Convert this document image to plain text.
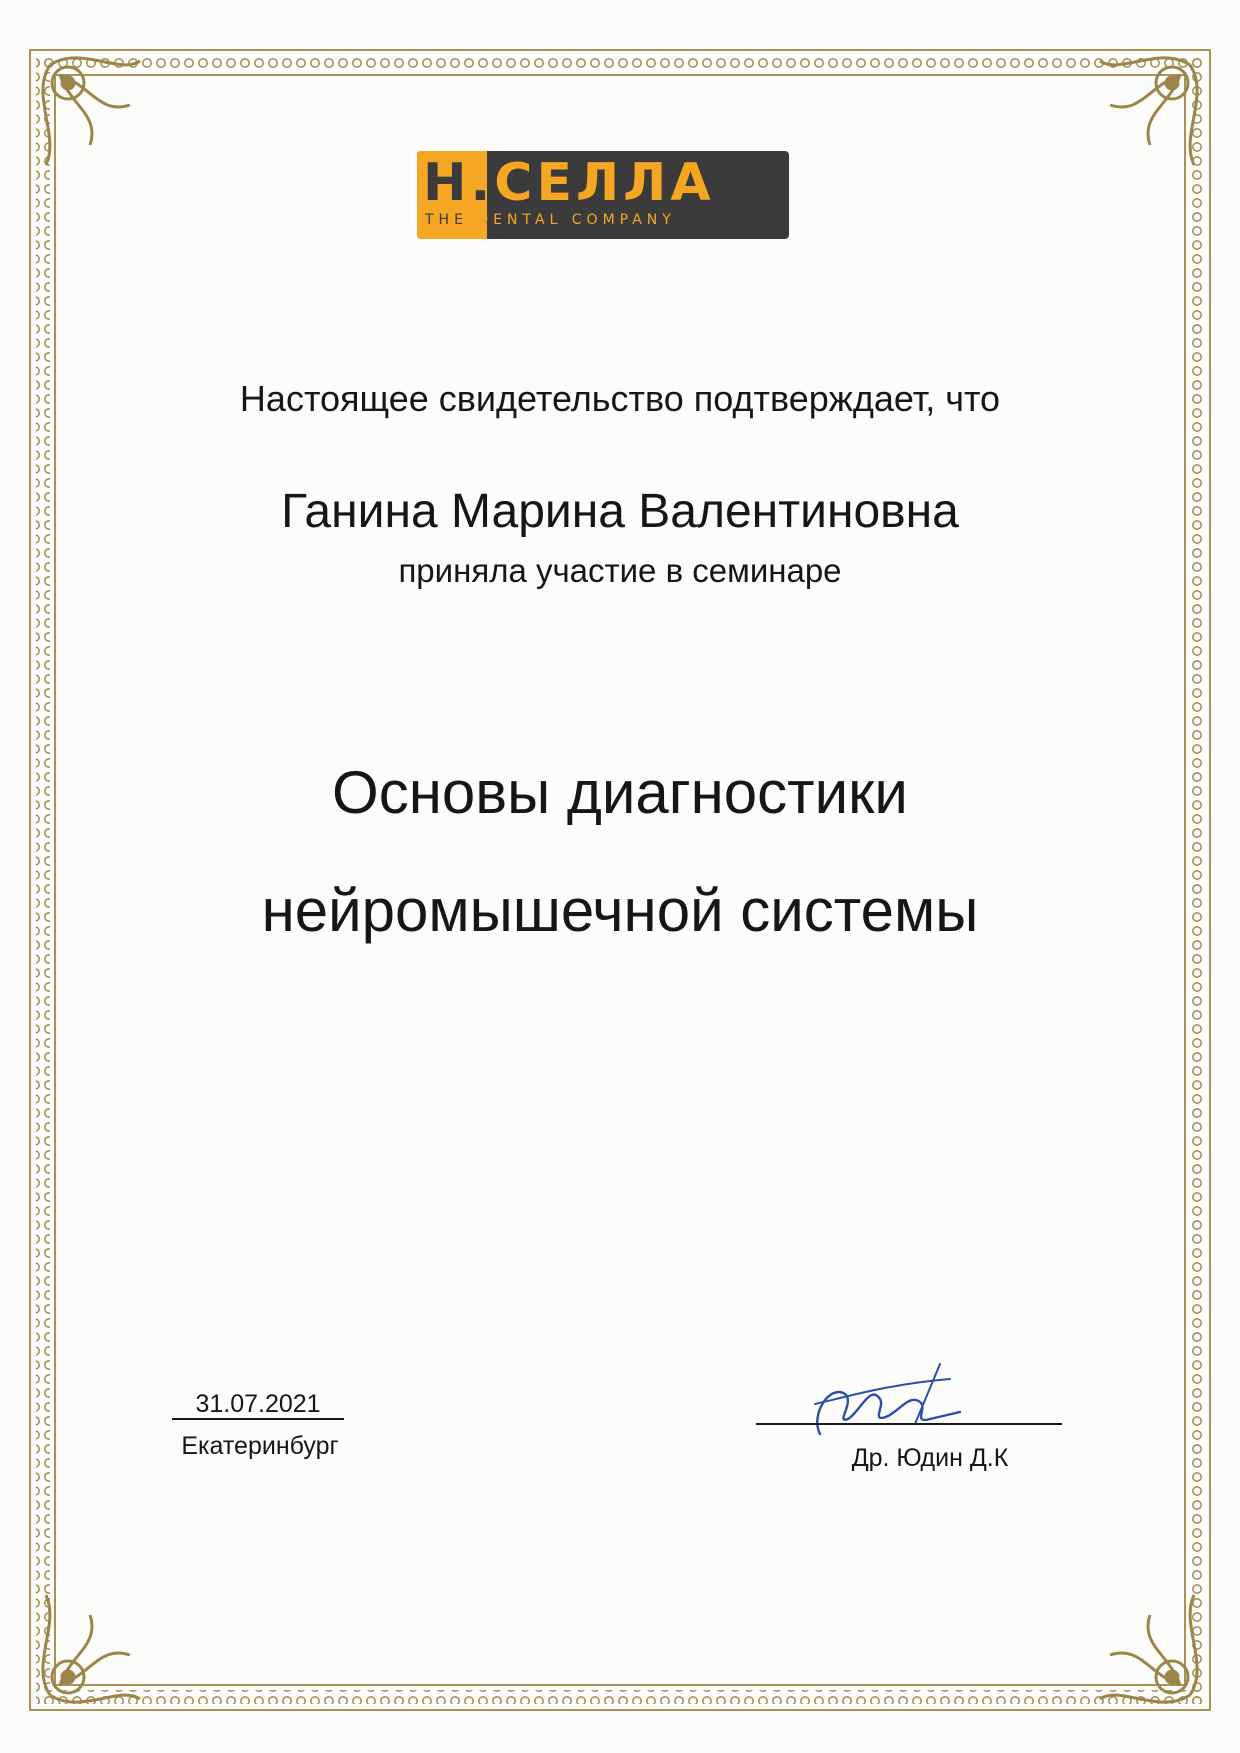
H.СЕЛЛА
THE DENTAL COMPANY
Настоящее свидетельство подтверждает, что
Ганина Марина Валентиновна
приняла участие в семинаре
Основы диагностики
нейромышечной системы
31.07.2021
Екатеринбург	Др. Юдин Д.К
